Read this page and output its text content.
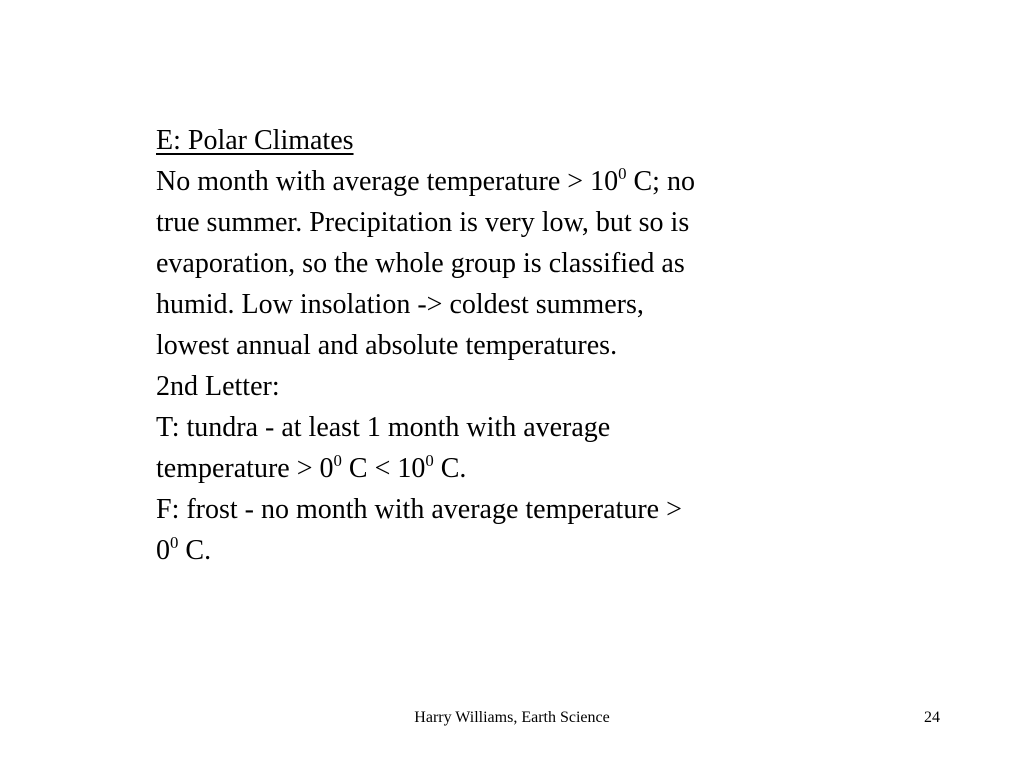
E: Polar Climates
No month with average temperature > $10^0$ C; no
true summer. Precipitation is very low, but so is
evaporation, so the whole group is classified as
humid. Low insolation -> coldest summers,
lowest annual and absolute temperatures.
2nd Letter:
T: tundra - at least 1 month with average
temperature > $0^0$ $C < 10^0$ C.
F: frost - no month with average temperature >
$0^0$ C.
Harry Williams, Earth Science	24
